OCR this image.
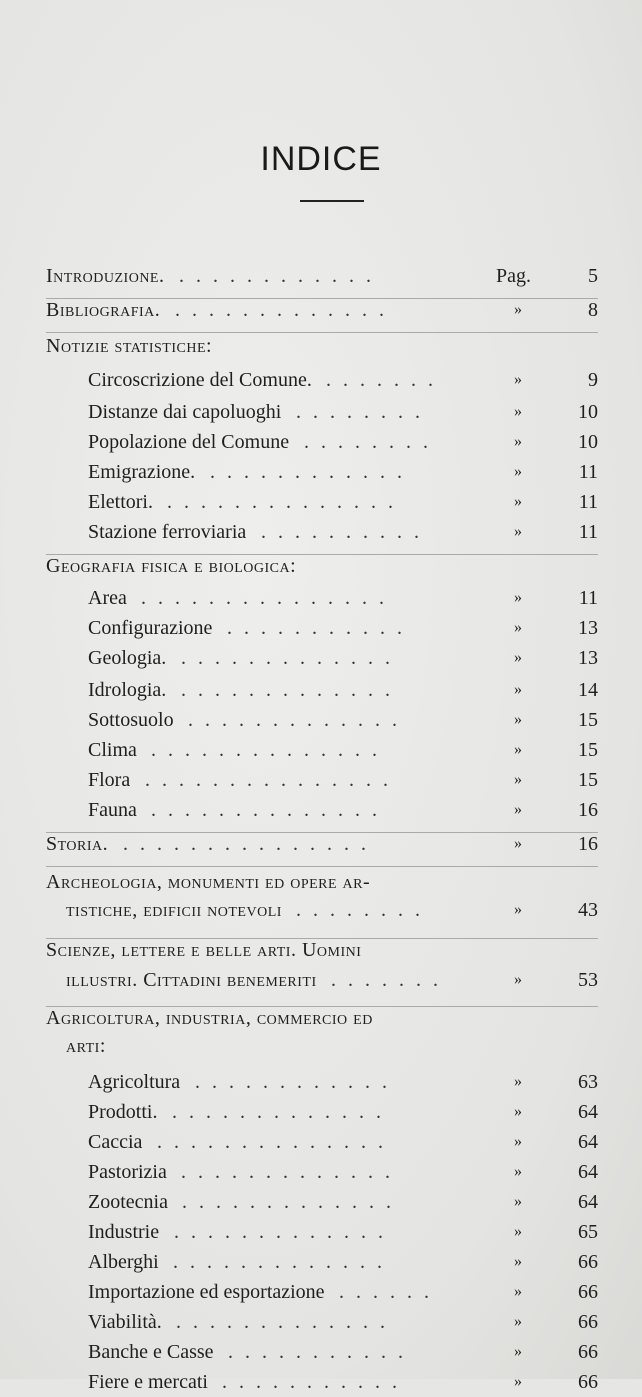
INDICE
Introduzione.	Pag.	5
............
Bibliografia.	»	8
.............
Notizie statistiche:
Circoscrizione del Comune.	»	9
.......
Distanze dai capoluoghi	»	10
........
Popolazione del Comune	»	10
........
Emigrazione.	»	11
............
Elettori.	»	11
..............
Stazione ferroviaria	»	11
..........
Geografia fisica e biologica:
Area	»	11
...............
Configurazione	»	13
...........
Geologia.	»	13
.............
Idrologia.	»	14
.............
Sottosuolo	»	15
.............
Clima	»	15
..............
Flora	»	15
...............
Fauna	»	16
..............
Storia.	»	16
...............
Archeologia, monumenti ed opere ar-
tistiche, edificii notevoli	»	43
........
Scienze, lettere e belle arti. Uomini
illustri. Cittadini benemeriti	»	53
.......
Agricoltura, industria, commercio ed
arti:
Agricoltura	»	63
............
Prodotti.	»	64
.............
Caccia	»	64
..............
Pastorizia	»	64
.............
Zootecnia	»	64
.............
Industrie	»	65
.............
Alberghi	»	66
.............
Importazione ed esportazione	»	66
......
Viabilità.	»	66
.............
Banche e Casse	»	66
...........
Fiere e mercati	»	66
...........
